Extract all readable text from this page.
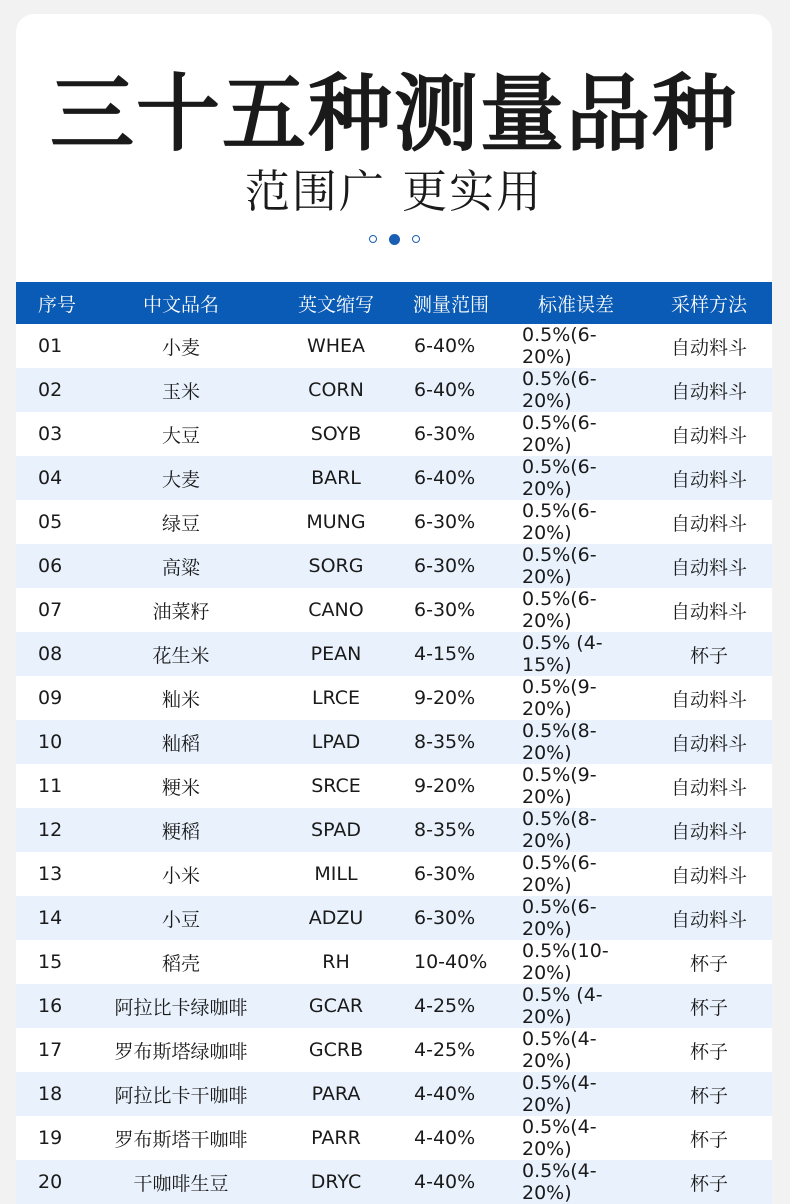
三十五种测量品种
范围广 更实用
序号	中文品名	英文缩写	测量范围	标准误差	采样方法
01	小麦	WHEA	6-40%	0.5%(6-20%)	自动料斗
02	玉米	CORN	6-40%	0.5%(6-20%)	自动料斗
03	大豆	SOYB	6-30%	0.5%(6-20%)	自动料斗
04	大麦	BARL	6-40%	0.5%(6-20%)	自动料斗
05	绿豆	MUNG	6-30%	0.5%(6-20%)	自动料斗
06	高粱	SORG	6-30%	0.5%(6-20%)	自动料斗
07	油菜籽	CANO	6-30%	0.5%(6-20%)	自动料斗
08	花生米	PEAN	4-15%	0.5% (4-15%)	杯子
09	籼米	LRCE	9-20%	0.5%(9-20%)	自动料斗
10	籼稻	LPAD	8-35%	0.5%(8-20%)	自动料斗
11	粳米	SRCE	9-20%	0.5%(9-20%)	自动料斗
12	粳稻	SPAD	8-35%	0.5%(8-20%)	自动料斗
13	小米	MILL	6-30%	0.5%(6-20%)	自动料斗
14	小豆	ADZU	6-30%	0.5%(6-20%)	自动料斗
15	稻壳	RH	10-40%	0.5%(10-20%)	杯子
16	阿拉比卡绿咖啡	GCAR	4-25%	0.5% (4-20%)	杯子
17	罗布斯塔绿咖啡	GCRB	4-25%	0.5%(4-20%)	杯子
18	阿拉比卡干咖啡	PARA	4-40%	0.5%(4-20%)	杯子
19	罗布斯塔干咖啡	PARR	4-40%	0.5%(4-20%)	杯子
20	干咖啡生豆	DRYC	4-40%	0.5%(4-20%)	杯子
